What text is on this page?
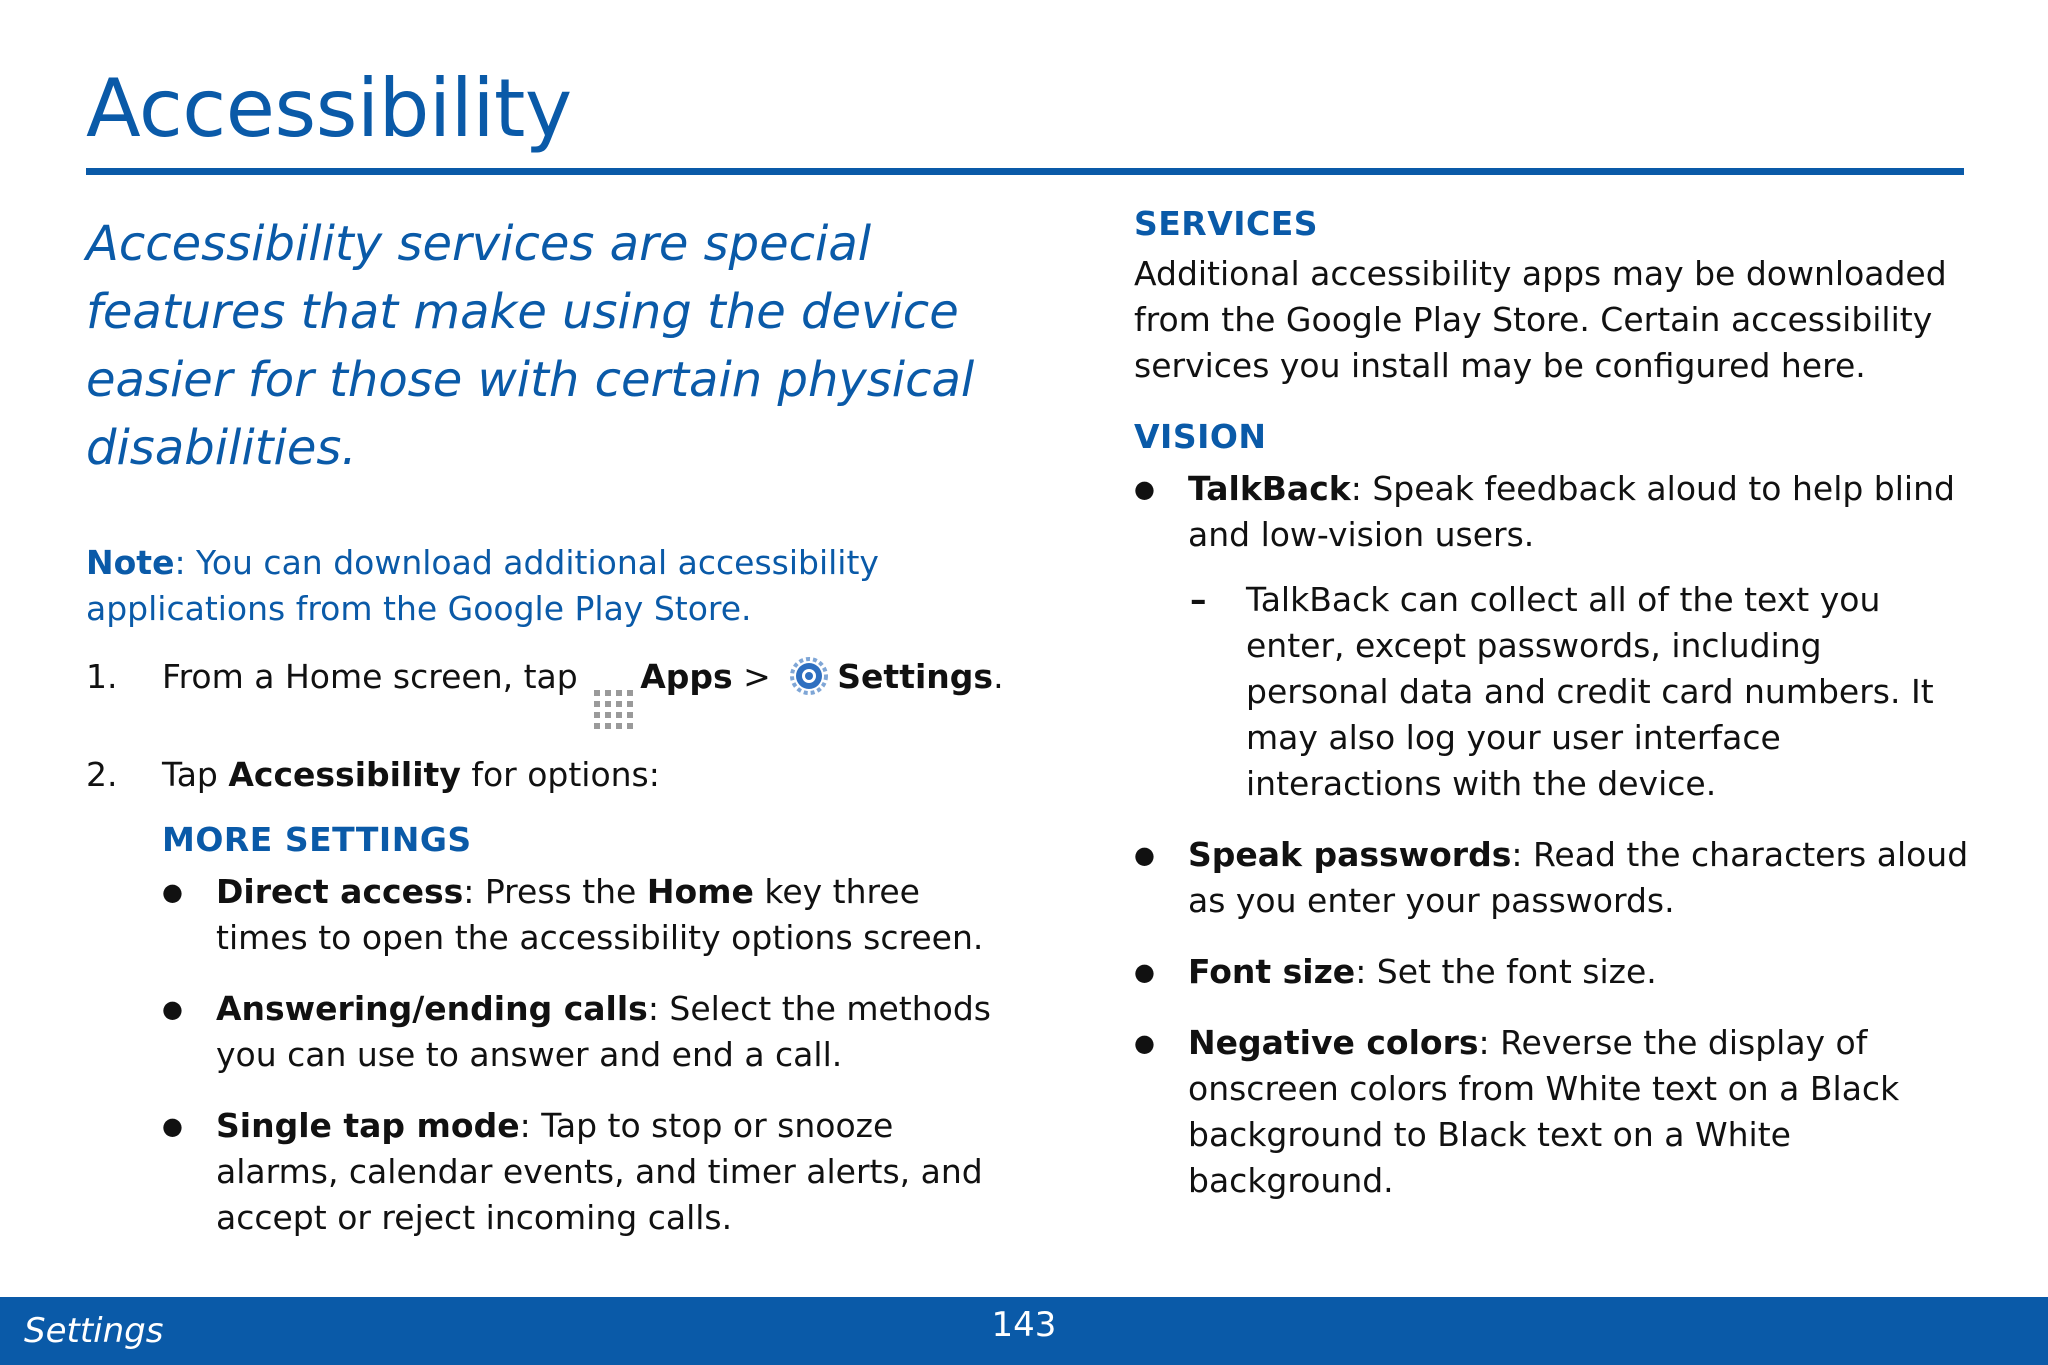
Accessibility

Accessibility services are special features that make using the device easier for those with certain physical disabilities.

Note: You can download additional accessibility applications from the Google Play Store.
1. From a Home screen, tap Apps > Settings.
2. Tap Accessibility for options:
MORE SETTINGS
● Direct access: Press the Home key three times to open the accessibility options screen.
● Answering/ending calls: Select the methods you can use to answer and end a call.
● Single tap mode: Tap to stop or snooze alarms, calendar events, and timer alerts, and accept or reject incoming calls.
SERVICES

Additional accessibility apps may be downloaded from the Google Play Store. Certain accessibility services you install may be configured here.

VISION
● TalkBack: Speak feedback aloud to help blind and low-vision users.
– TalkBack can collect all of the text you enter, except passwords, including personal data and credit card numbers. It may also log your user interface interactions with the device.
● Speak passwords: Read the characters aloud as you enter your passwords.
● Font size: Set the font size.
● Negative colors: Reverse the display of onscreen colors from White text on a Black background to Black text on a White background.
Settings	143
